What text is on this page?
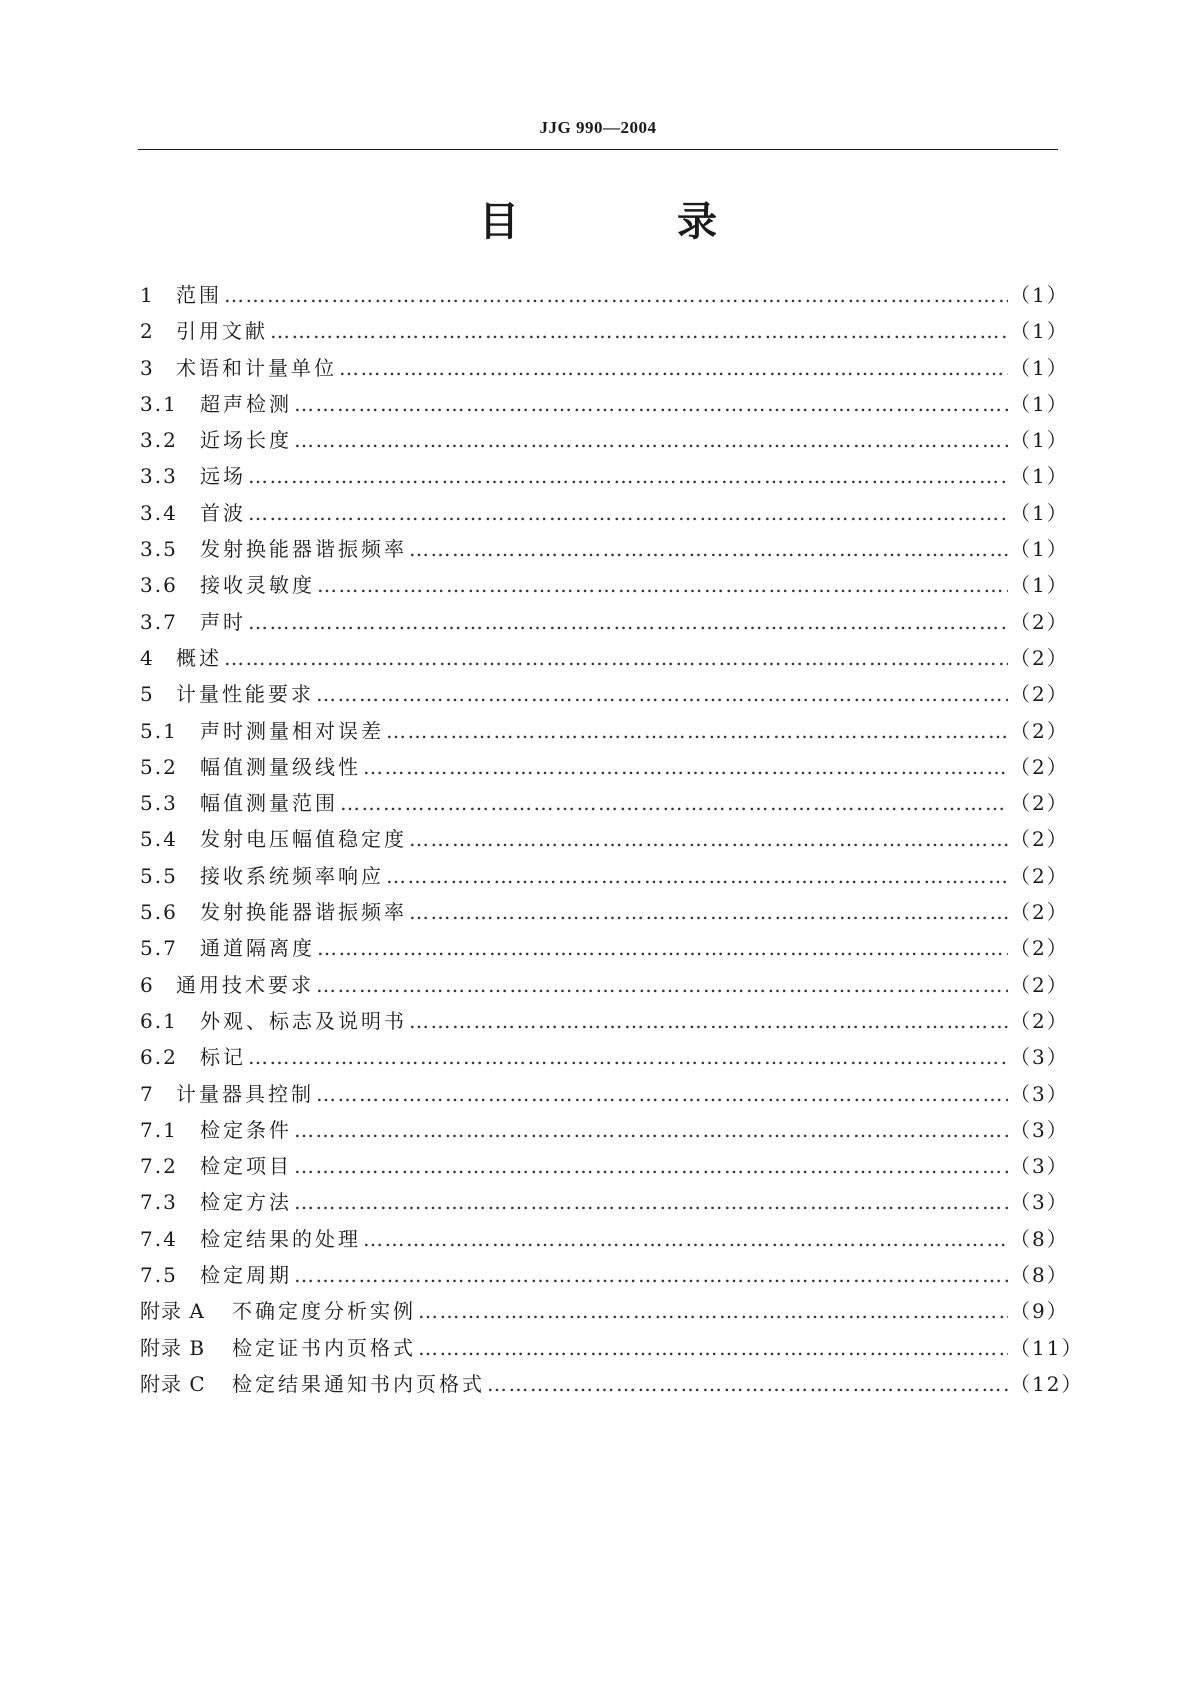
JJG 990—2004
目 录
1	范围 ……………………………………………………………………………………………………………………………………………………………………………………………………………………………………	（1）
2	引用文献 ……………………………………………………………………………………………………………………………………………………………………………………………………………………………………	（1）
3	术语和计量单位 ……………………………………………………………………………………………………………………………………………………………………………………………………………………………………	（1）
3.1	超声检测 ……………………………………………………………………………………………………………………………………………………………………………………………………………………………………	（1）
3.2	近场长度 ……………………………………………………………………………………………………………………………………………………………………………………………………………………………………	（1）
3.3	远场 ……………………………………………………………………………………………………………………………………………………………………………………………………………………………………	（1）
3.4	首波 ……………………………………………………………………………………………………………………………………………………………………………………………………………………………………	（1）
3.5	发射换能器谐振频率 ……………………………………………………………………………………………………………………………………………………………………………………………………………………………………	（1）
3.6	接收灵敏度 ……………………………………………………………………………………………………………………………………………………………………………………………………………………………………	（1）
3.7	声时 ……………………………………………………………………………………………………………………………………………………………………………………………………………………………………	（2）
4	概述 ……………………………………………………………………………………………………………………………………………………………………………………………………………………………………	（2）
5	计量性能要求 ……………………………………………………………………………………………………………………………………………………………………………………………………………………………………	（2）
5.1	声时测量相对误差 ……………………………………………………………………………………………………………………………………………………………………………………………………………………………………	（2）
5.2	幅值测量级线性 ……………………………………………………………………………………………………………………………………………………………………………………………………………………………………	（2）
5.3	幅值测量范围 ……………………………………………………………………………………………………………………………………………………………………………………………………………………………………	（2）
5.4	发射电压幅值稳定度 ……………………………………………………………………………………………………………………………………………………………………………………………………………………………………	（2）
5.5	接收系统频率响应 ……………………………………………………………………………………………………………………………………………………………………………………………………………………………………	（2）
5.6	发射换能器谐振频率 ……………………………………………………………………………………………………………………………………………………………………………………………………………………………………	（2）
5.7	通道隔离度 ……………………………………………………………………………………………………………………………………………………………………………………………………………………………………	（2）
6	通用技术要求 ……………………………………………………………………………………………………………………………………………………………………………………………………………………………………	（2）
6.1	外观、标志及说明书 ……………………………………………………………………………………………………………………………………………………………………………………………………………………………………	（2）
6.2	标记 ……………………………………………………………………………………………………………………………………………………………………………………………………………………………………	（3）
7	计量器具控制 ……………………………………………………………………………………………………………………………………………………………………………………………………………………………………	（3）
7.1	检定条件 ……………………………………………………………………………………………………………………………………………………………………………………………………………………………………	（3）
7.2	检定项目 ……………………………………………………………………………………………………………………………………………………………………………………………………………………………………	（3）
7.3	检定方法 ……………………………………………………………………………………………………………………………………………………………………………………………………………………………………	（3）
7.4	检定结果的处理 ……………………………………………………………………………………………………………………………………………………………………………………………………………………………………	（8）
7.5	检定周期 ……………………………………………………………………………………………………………………………………………………………………………………………………………………………………	（8）
附录 A	不确定度分析实例 ……………………………………………………………………………………………………………………………………………………………………………………………………………………………………	（9）
附录 B	检定证书内页格式 ……………………………………………………………………………………………………………………………………………………………………………………………………………………………………	（11）
附录 C	检定结果通知书内页格式 ……………………………………………………………………………………………………………………………………………………………………………………………………………………………………	（12）
